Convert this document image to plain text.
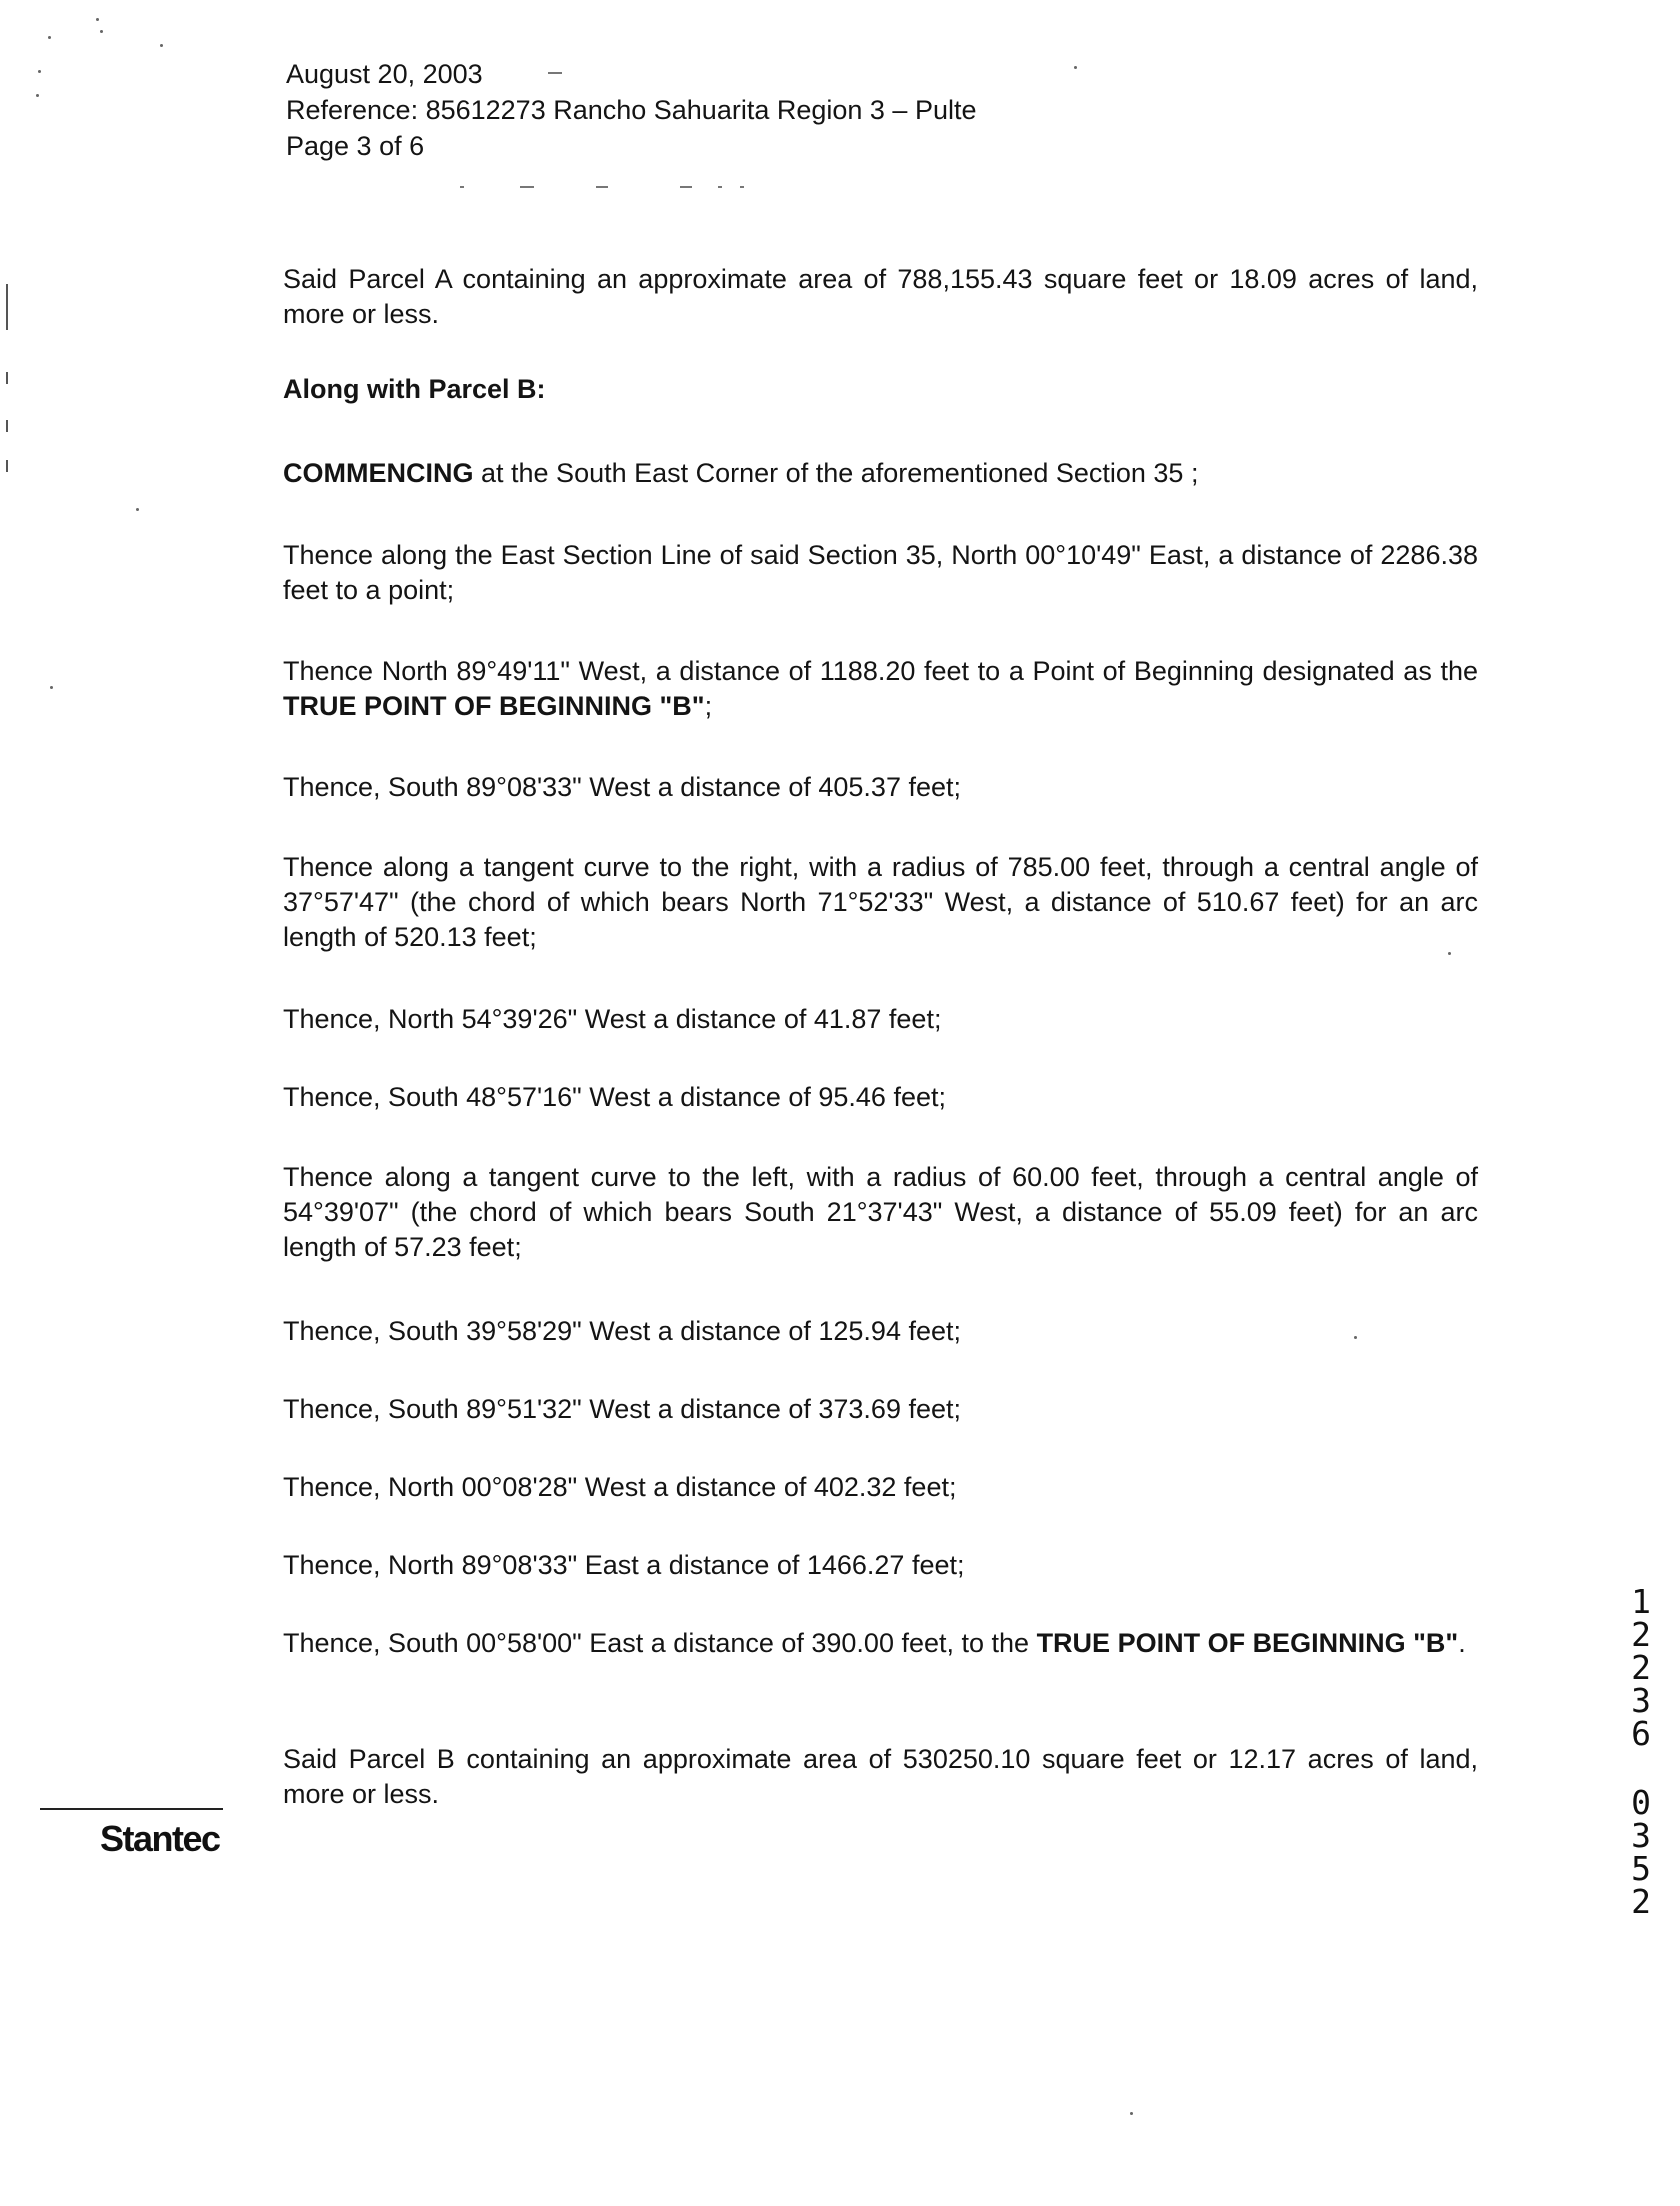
August 20, 2003
Reference: 85612273 Rancho Sahuarita Region 3 – Pulte
Page 3 of 6

Said Parcel A containing an approximate area of 788,155.43 square feet or 18.09 acres of land, more or less.

Along with Parcel B:

COMMENCING at the South East Corner of the aforementioned Section 35 ;

Thence along the East Section Line of said Section 35, North 00°10'49" East, a distance of 2286.38 feet to a point;

Thence North 89°49'11" West, a distance of 1188.20 feet to a Point of Beginning designated as the TRUE POINT OF BEGINNING "B";

Thence, South 89°08'33" West a distance of 405.37 feet;

Thence along a tangent curve to the right, with a radius of 785.00 feet, through a central angle of 37°57'47" (the chord of which bears North 71°52'33" West, a distance of 510.67 feet) for an arc length of 520.13 feet;

Thence, North 54°39'26" West a distance of 41.87 feet;

Thence, South 48°57'16" West a distance of 95.46 feet;

Thence along a tangent curve to the left, with a radius of 60.00 feet, through a central angle of 54°39'07" (the chord of which bears South 21°37'43" West, a distance of 55.09 feet) for an arc length of 57.23 feet;

Thence, South 39°58'29" West a distance of 125.94 feet;

Thence, South 89°51'32" West a distance of 373.69 feet;

Thence, North 00°08'28" West a distance of 402.32 feet;

Thence, North 89°08'33" East a distance of 1466.27 feet;

Thence, South 00°58'00" East a distance of 390.00 feet, to the TRUE POINT OF BEGINNING "B".

Said Parcel B containing an approximate area of 530250.10 square feet or 12.17 acres of land, more or less.

Stantec
1
2
2
3
6
0
3
5
2
